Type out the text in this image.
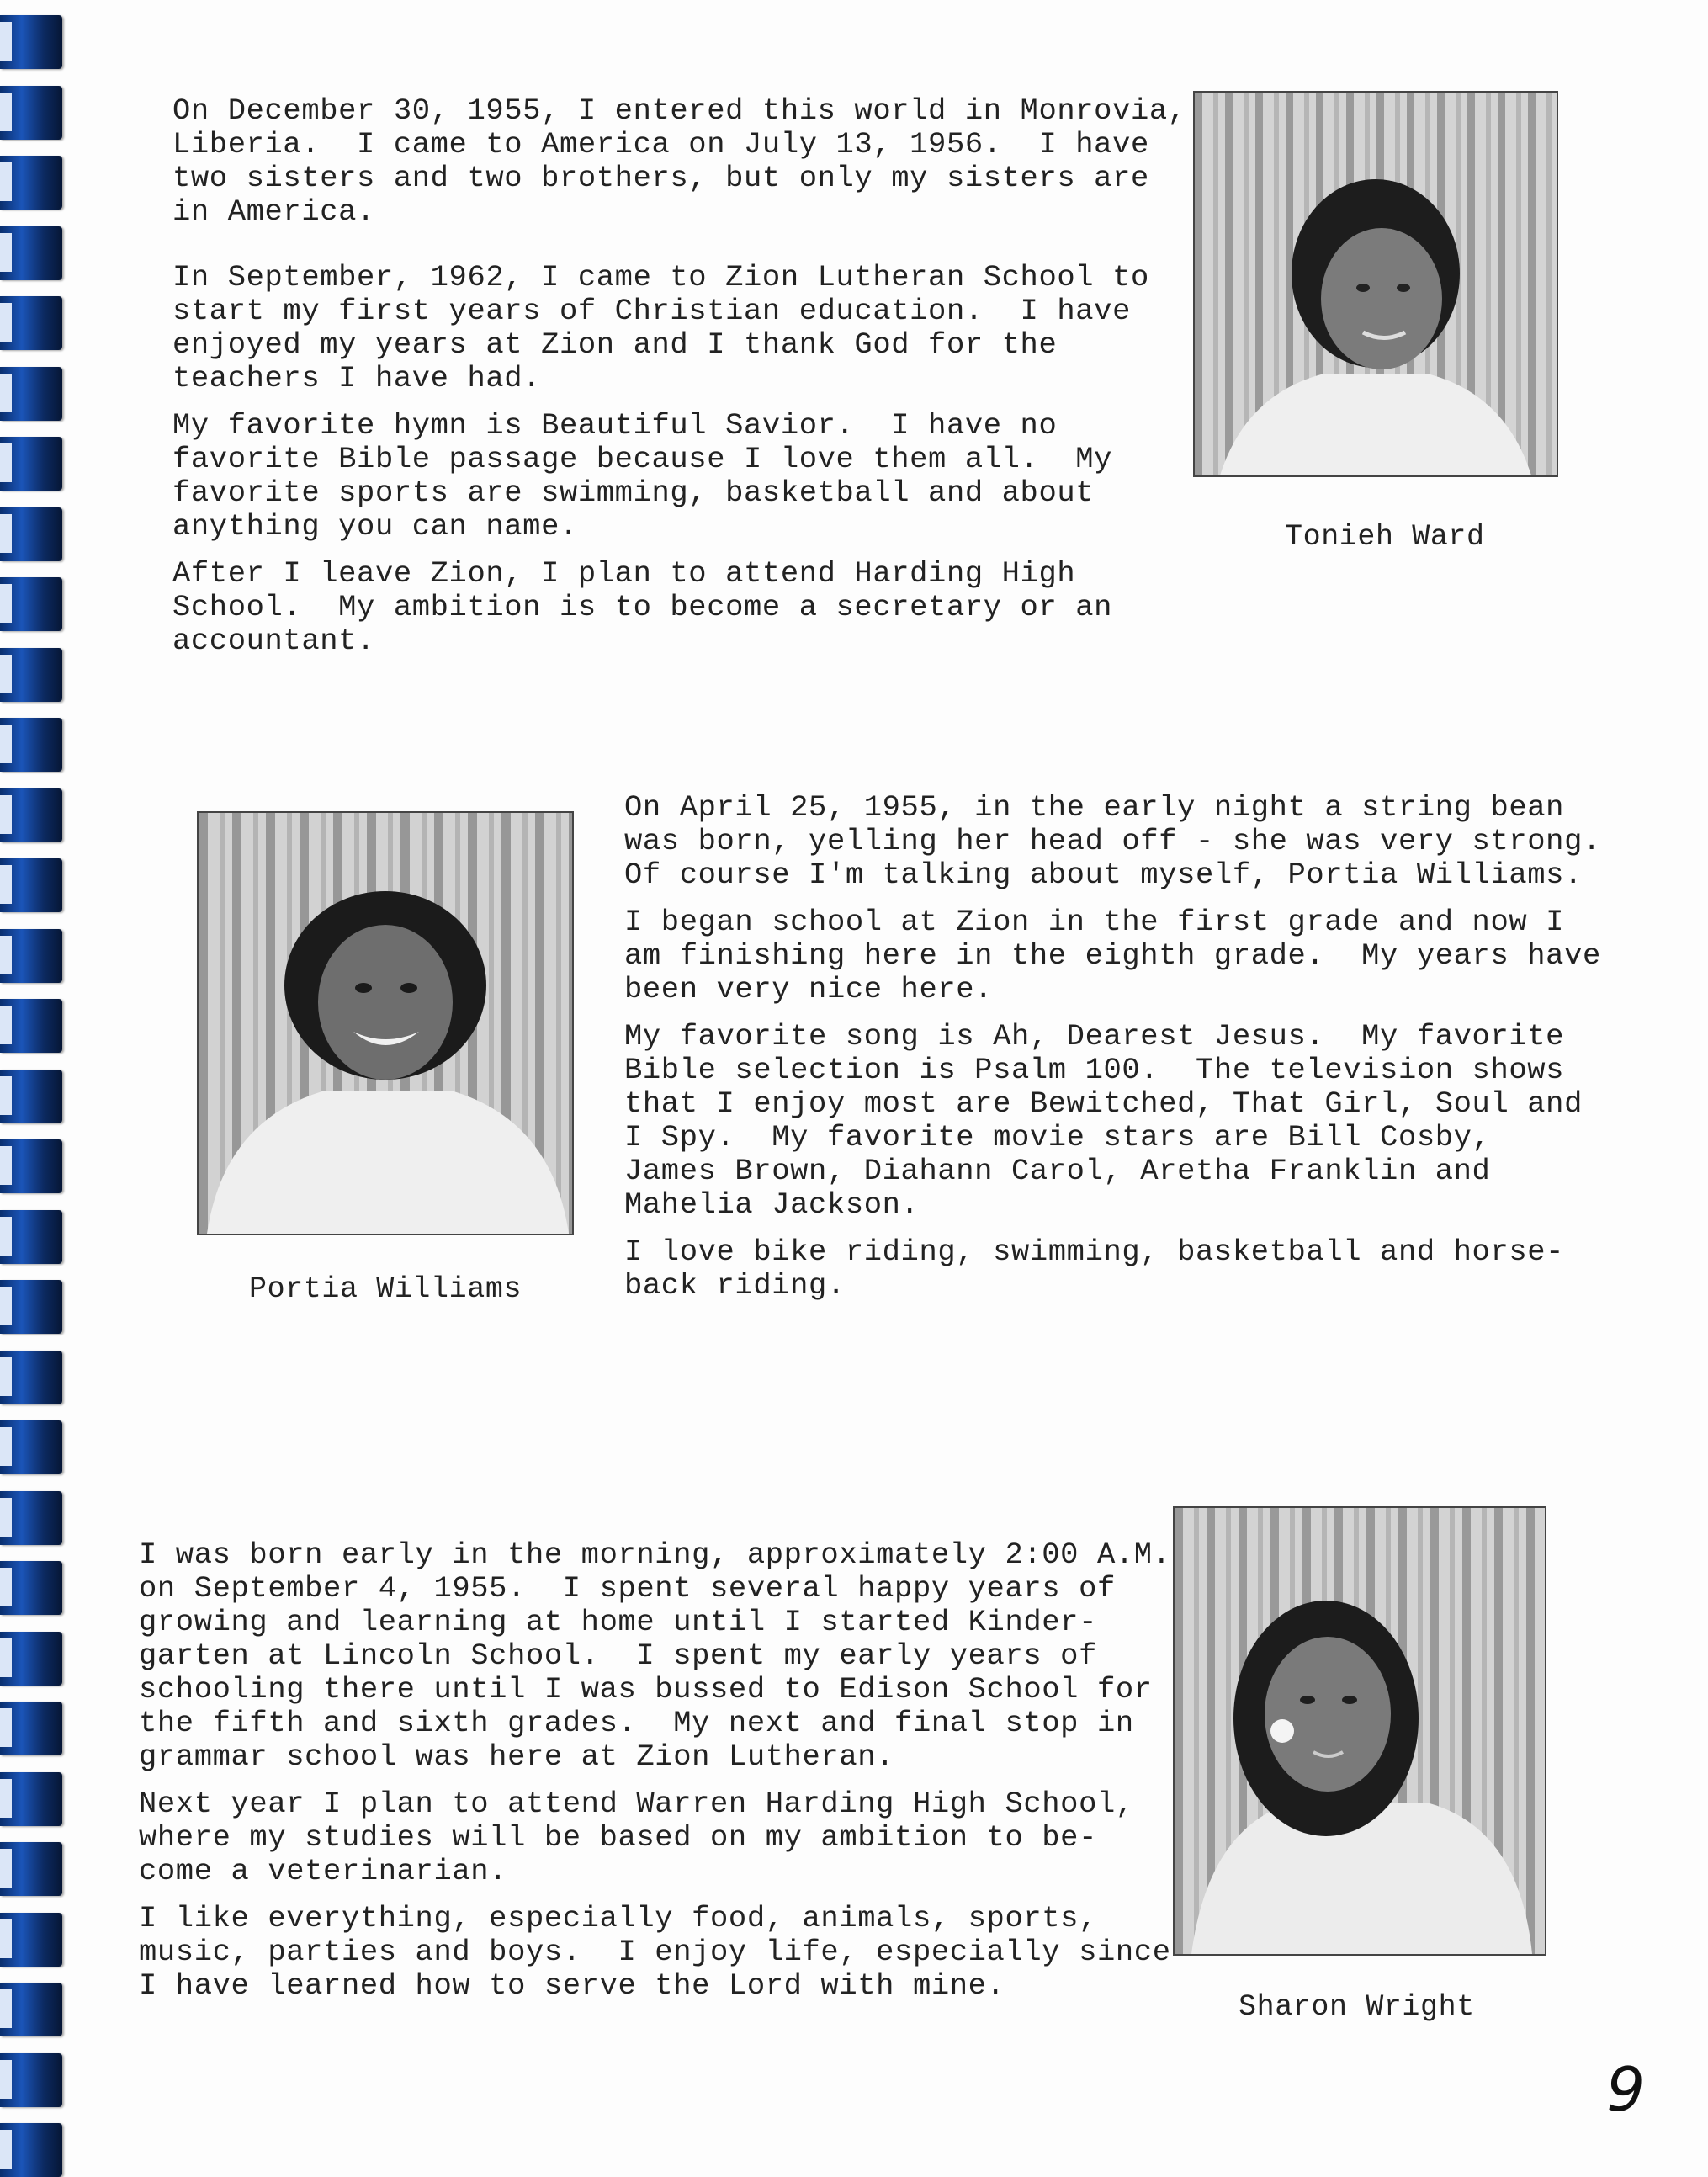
On December 30, 1955, I entered this world in Monrovia,
Liberia.  I came to America on July 13, 1956.  I have
two sisters and two brothers, but only my sisters are
in America.
In September, 1962, I came to Zion Lutheran School to
start my first years of Christian education.  I have
enjoyed my years at Zion and I thank God for the
teachers I have had.
My favorite hymn is Beautiful Savior.  I have no
favorite Bible passage because I love them all.  My
favorite sports are swimming, basketball and about
anything you can name.
After I leave Zion, I plan to attend Harding High
School.  My ambition is to become a secretary or an
accountant.
Tonieh Ward
Portia Williams
On April 25, 1955, in the early night a string bean
was born, yelling her head off - she was very strong.
Of course I'm talking about myself, Portia Williams.
I began school at Zion in the first grade and now I
am finishing here in the eighth grade.  My years have
been very nice here.
My favorite song is Ah, Dearest Jesus.  My favorite
Bible selection is Psalm 100.  The television shows
that I enjoy most are Bewitched, That Girl, Soul and
I Spy.  My favorite movie stars are Bill Cosby,
James Brown, Diahann Carol, Aretha Franklin and
Mahelia Jackson.
I love bike riding, swimming, basketball and horse-
back riding.
I was born early in the morning, approximately 2:00 A.M.
on September 4, 1955.  I spent several happy years of
growing and learning at home until I started Kinder-
garten at Lincoln School.  I spent my early years of
schooling there until I was bussed to Edison School for
the fifth and sixth grades.  My next and final stop in
grammar school was here at Zion Lutheran.
Next year I plan to attend Warren Harding High School,
where my studies will be based on my ambition to be-
come a veterinarian.
I like everything, especially food, animals, sports,
music, parties and boys.  I enjoy life, especially since
I have learned how to serve the Lord with mine.
Sharon Wright
9
